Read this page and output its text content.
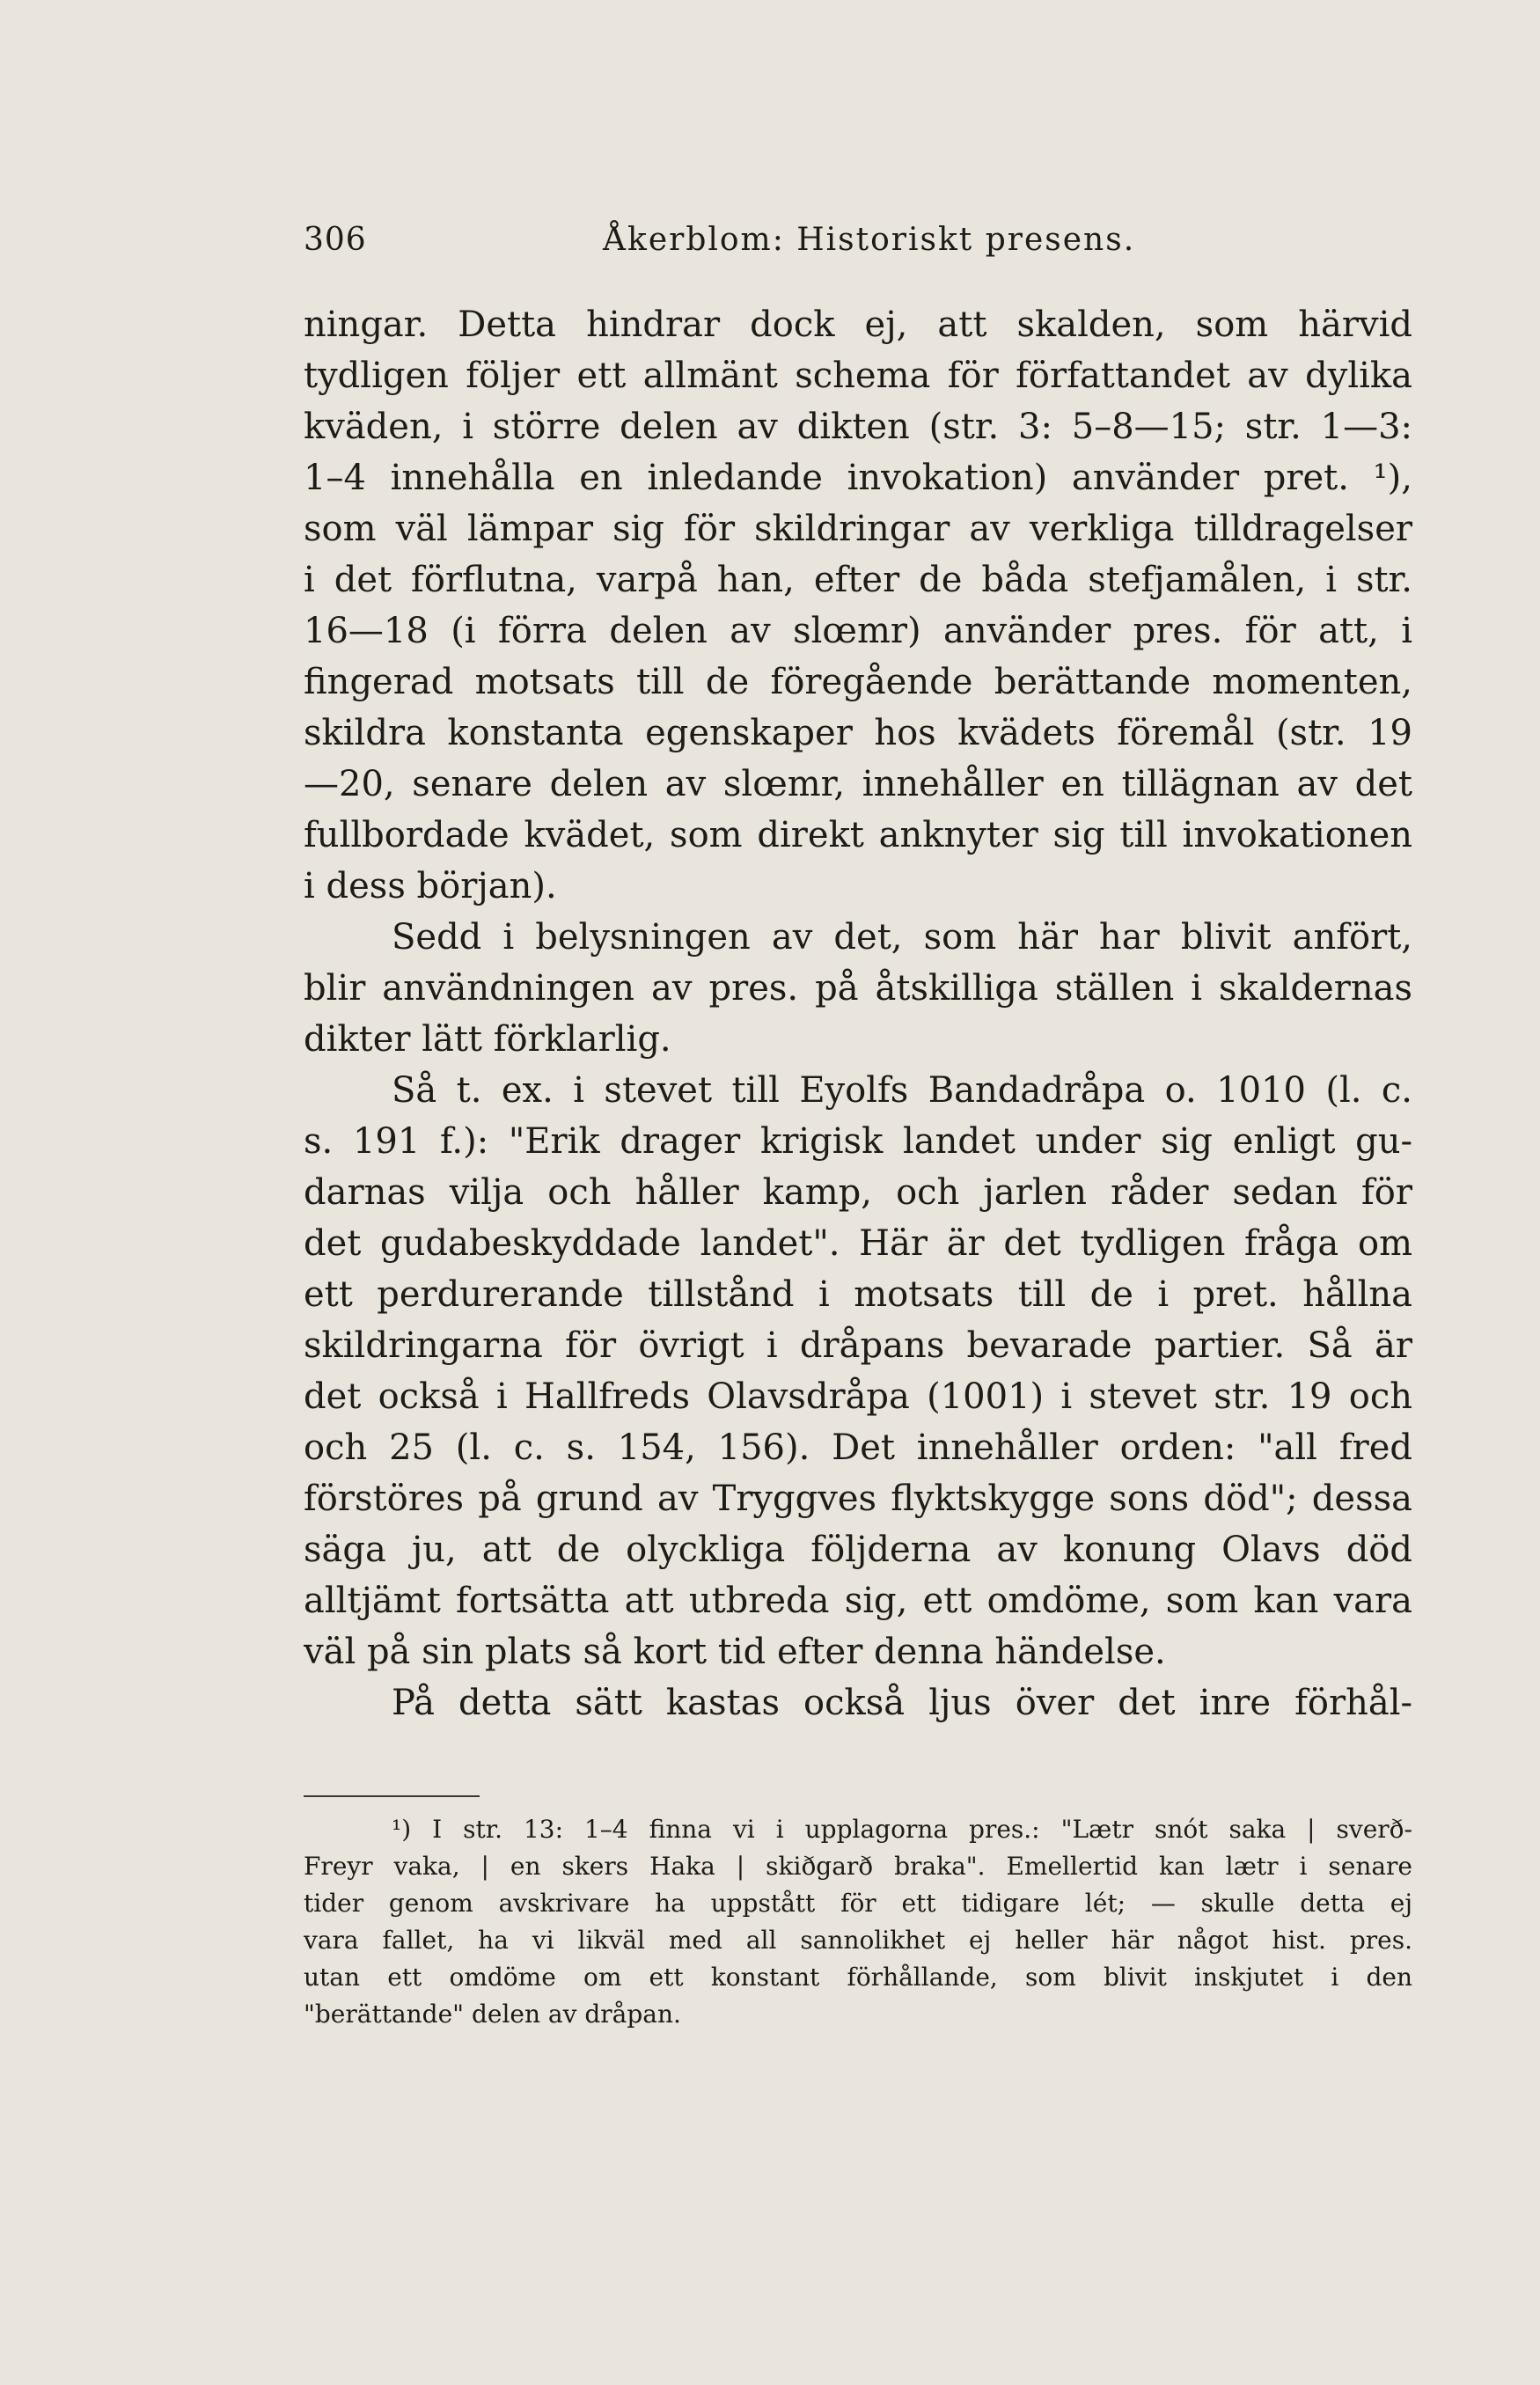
306	Åkerblom: Historiskt presens.
ningar. Detta hindrar dock ej, att skalden, som härvid
tydligen följer ett allmänt schema för författandet av dylika
kväden, i större delen av dikten (str. 3: 5–8—15; str. 1—3:
1–4 innehålla en inledande invokation) använder pret. ¹),
som väl lämpar sig för skildringar av verkliga tilldragelser
i det förflutna, varpå han, efter de båda stefjamålen, i str.
16—18 (i förra delen av slœmr) använder pres. för att, i
fingerad motsats till de föregående berättande momenten,
skildra konstanta egenskaper hos kvädets föremål (str. 19
—20, senare delen av slœmr, innehåller en tillägnan av det
fullbordade kvädet, som direkt anknyter sig till invokationen
i dess början).
Sedd i belysningen av det, som här har blivit anfört,
blir användningen av pres. på åtskilliga ställen i skaldernas
dikter lätt förklarlig.
Så t. ex. i stevet till Eyolfs Bandadråpa o. 1010 (l. c.
s. 191 f.): "Erik drager krigisk landet under sig enligt gu-
darnas vilja och håller kamp, och jarlen råder sedan för
det gudabeskyddade landet". Här är det tydligen fråga om
ett perdurerande tillstånd i motsats till de i pret. hållna
skildringarna för övrigt i dråpans bevarade partier. Så är
det också i Hallfreds Olavsdråpa (1001) i stevet str. 19 och
och 25 (l. c. s. 154, 156). Det innehåller orden: "all fred
förstöres på grund av Tryggves flyktskygge sons död"; dessa
säga ju, att de olyckliga följderna av konung Olavs död
alltjämt fortsätta att utbreda sig, ett omdöme, som kan vara
väl på sin plats så kort tid efter denna händelse.
På detta sätt kastas också ljus över det inre förhål-
¹) I str. 13: 1–4 finna vi i upplagorna pres.: "Lætr snót saka | sverð-
Freyr vaka, | en skers Haka | skiðgarð braka". Emellertid kan lætr i senare
tider genom avskrivare ha uppstått för ett tidigare lét; — skulle detta ej
vara fallet, ha vi likväl med all sannolikhet ej heller här något hist. pres.
utan ett omdöme om ett konstant förhållande, som blivit inskjutet i den
"berättande" delen av dråpan.
